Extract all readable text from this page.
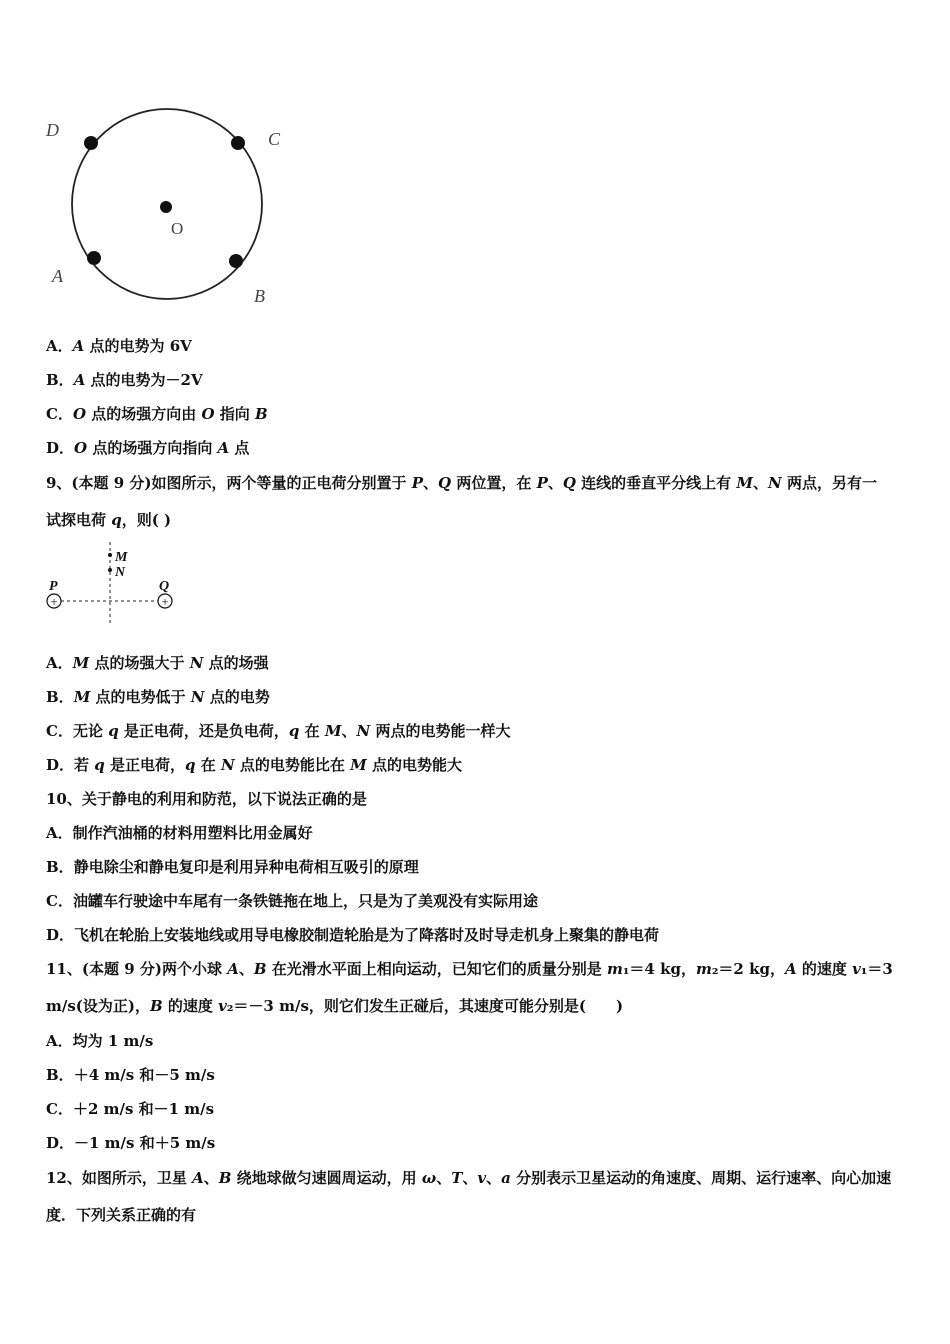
D	C
O
A
B
A．A 点的电势为 6V
B．A 点的电势为－2V
C．O 点的场强方向由 O 指向 B
D．O 点的场强方向指向 A 点
9、(本题 9 分)如图所示，两个等量的正电荷分别置于 P、Q 两位置，在 P、Q 连线的垂直平分线上有 M、N 两点，另有一
试探电荷 q，则( )
M
N
P	Q
+	+
A．M 点的场强大于 N 点的场强
B．M 点的电势低于 N 点的电势
C．无论 q 是正电荷，还是负电荷，q 在 M、N 两点的电势能一样大
D．若 q 是正电荷，q 在 N 点的电势能比在 M 点的电势能大
10、关于静电的利用和防范，以下说法正确的是
A．制作汽油桶的材料用塑料比用金属好
B．静电除尘和静电复印是利用异种电荷相互吸引的原理
C．油罐车行驶途中车尾有一条铁链拖在地上，只是为了美观没有实际用途
D．飞机在轮胎上安装地线或用导电橡胶制造轮胎是为了降落时及时导走机身上聚集的静电荷
11、(本题 9 分)两个小球 A、B 在光滑水平面上相向运动，已知它们的质量分别是 m₁＝4 kg，m₂＝2 kg，A 的速度 v₁＝3
m/s(设为正)，B 的速度 v₂＝－3 m/s，则它们发生正碰后，其速度可能分别是(　　)
A．均为 1 m/s
B．＋4 m/s 和－5 m/s
C．＋2 m/s 和－1 m/s
D．－1 m/s 和＋5 m/s
12、如图所示，卫星 A、B 绕地球做匀速圆周运动，用 ω、T、v、a 分别表示卫星运动的角速度、周期、运行速率、向心加速
度．下列关系正确的有
